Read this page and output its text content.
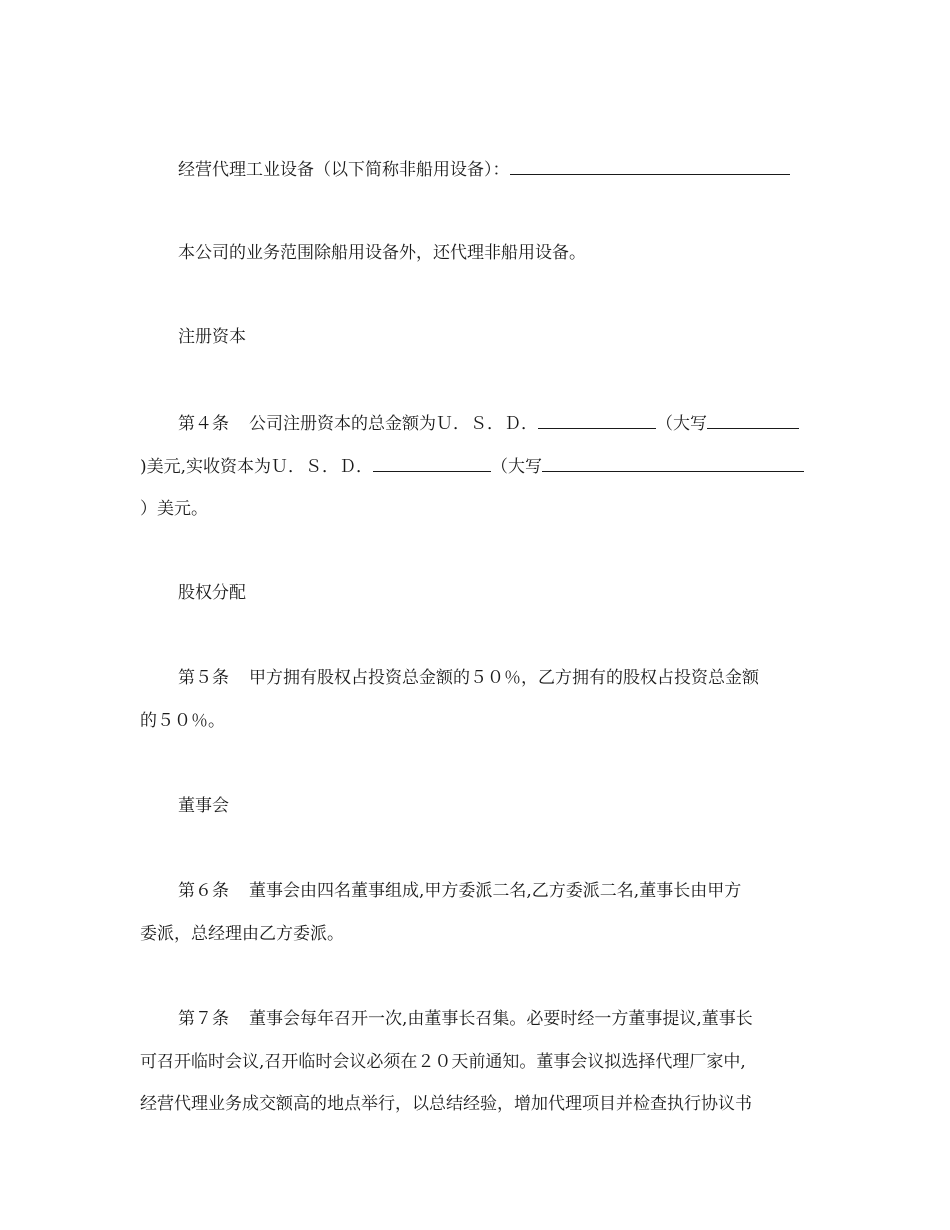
经营代理工业设备（以下简称非船用设备）：
本公司的业务范围除船用设备外，还代理非船用设备。
注册资本
第４条 公司注册资本的总金额为Ｕ．Ｓ．Ｄ．	（大写
)美元,实收资本为Ｕ．Ｓ．Ｄ．	（大写
）美元。
股权分配
第５条 甲方拥有股权占投资总金额的５０％，乙方拥有的股权占投资总金额
的５０％。
董事会
第６条 董事会由四名董事组成,甲方委派二名,乙方委派二名,董事长由甲方
委派，总经理由乙方委派。
第７条 董事会每年召开一次,由董事长召集。必要时经一方董事提议,董事长
可召开临时会议,召开临时会议必须在２０天前通知。董事会议拟选择代理厂家中,
经营代理业务成交额高的地点举行，以总结经验，增加代理项目并检查执行协议书
